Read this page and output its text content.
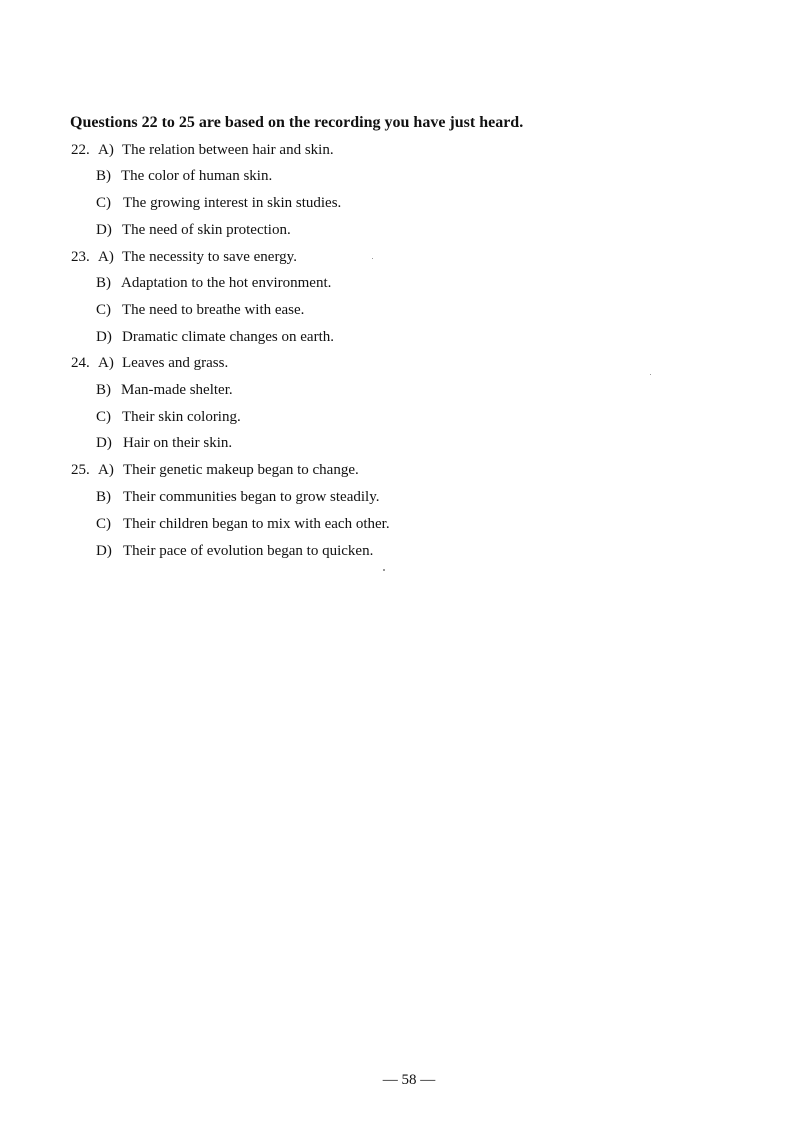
Questions 22 to 25 are based on the recording you have just heard.
22. A) The relation between hair and skin.
B) The color of human skin.
C) The growing interest in skin studies.
D) The need of skin protection.
23. A) The necessity to save energy.
B) Adaptation to the hot environment.
C) The need to breathe with ease.
D) Dramatic climate changes on earth.
24. A) Leaves and grass.
B) Man-made shelter.
C) Their skin coloring.
D) Hair on their skin.
25. A) Their genetic makeup began to change.
B) Their communities began to grow steadily.
C) Their children began to mix with each other.
D) Their pace of evolution began to quicken.
— 58 —
